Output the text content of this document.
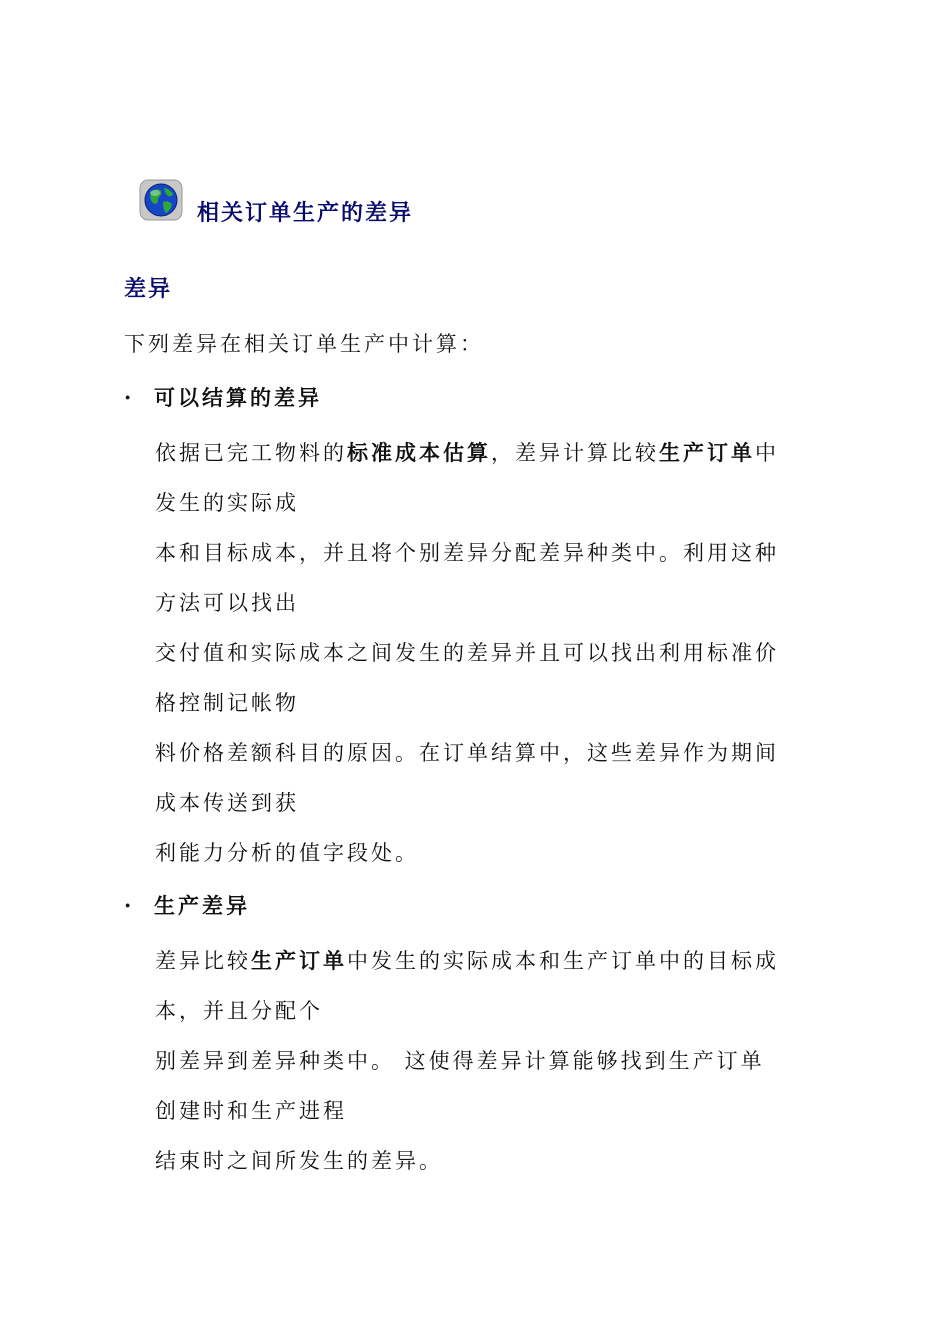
相关订单生产的差异
差异
下列差异在相关订单生产中计算：
·	可以结算的差异
依据已完工物料的标准成本估算，差异计算比较生产订单中
发生的实际成
本和目标成本，并且将个别差异分配差异种类中。利用这种
方法可以找出
交付值和实际成本之间发生的差异并且可以找出利用标准价
格控制记帐物
料价格差额科目的原因。在订单结算中，这些差异作为期间
成本传送到获
利能力分析的值字段处。
·	生产差异
差异比较生产订单中发生的实际成本和生产订单中的目标成
本，并且分配个
别差异到差异种类中。 这使得差异计算能够找到生产订单
创建时和生产进程
结束时之间所发生的差异。
